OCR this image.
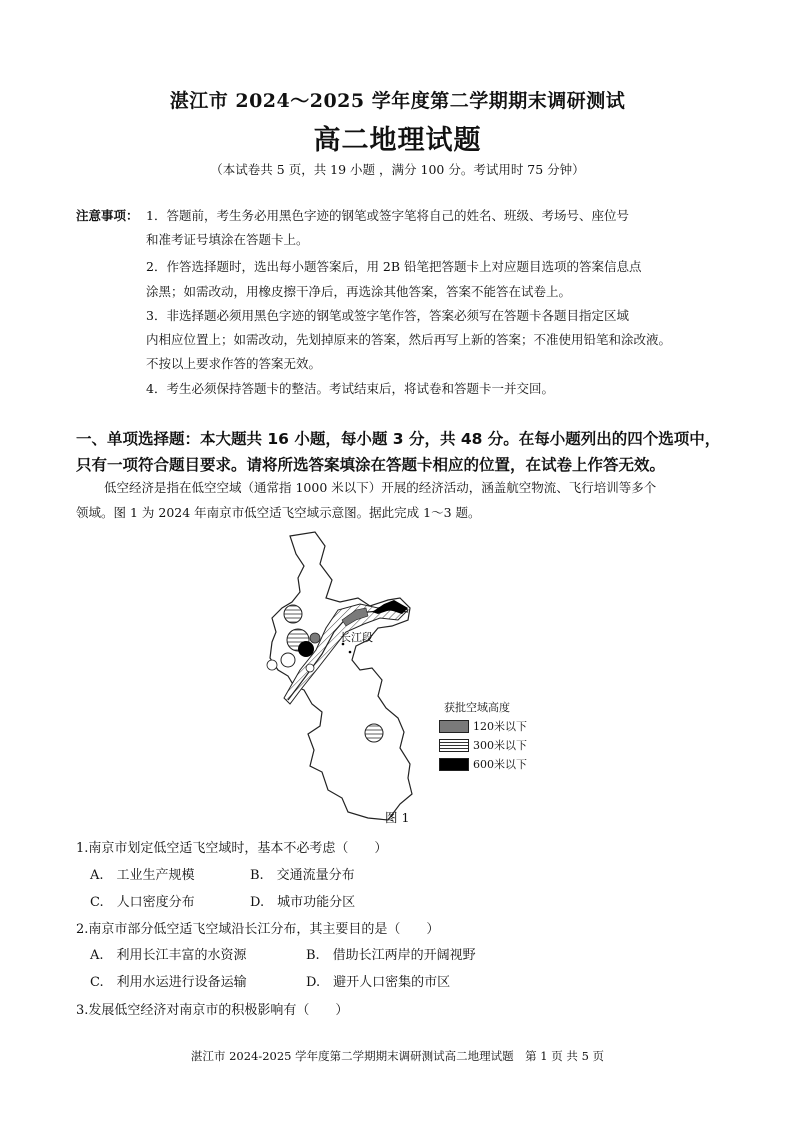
湛江市 2024～2025 学年度第二学期期末调研测试
高二地理试题
（本试卷共 5 页，共 19 小题 ，满分 100 分。考试用时 75 分钟）
注意事项： 1．答题前，考生务必用黑色字迹的钢笔或签字笔将自己的姓名、班级、考场号、座位号
和准考证号填涂在答题卡上。
2．作答选择题时，选出每小题答案后，用 2B 铅笔把答题卡上对应题目选项的答案信息点
涂黑；如需改动，用橡皮擦干净后，再选涂其他答案，答案不能答在试卷上。
3．非选择题必须用黑色字迹的钢笔或签字笔作答，答案必须写在答题卡各题目指定区域
内相应位置上；如需改动，先划掉原来的答案，然后再写上新的答案；不准使用铅笔和涂改液。
不按以上要求作答的答案无效。
4．考生必须保持答题卡的整洁。考试结束后，将试卷和答题卡一并交回。
一、单项选择题：本大题共 16 小题，每小题 3 分，共 48 分。在每小题列出的四个选项中，
只有一项符合题目要求。请将所选答案填涂在答题卡相应的位置，在试卷上作答无效。
低空经济是指在低空空域（通常指 1000 米以下）开展的经济活动，涵盖航空物流、飞行培训等多个
领域。图 1 为 2024 年南京市低空适飞空域示意图。据此完成 1～3 题。
长江段
获批空域高度
120米以下
300米以下
600米以下
图 1
1.南京市划定低空适飞空域时，基本不必考虑（　　）
A.　工业生产规模	B.　交通流量分布
C.　人口密度分布	D.　城市功能分区
2.南京市部分低空适飞空域沿长江分布，其主要目的是（　　）
A.　利用长江丰富的水资源	B.　借助长江两岸的开阔视野
C.　利用水运进行设备运输	D.　避开人口密集的市区
3.发展低空经济对南京市的积极影响有（　　）
湛江市 2024-2025 学年度第二学期期末调研测试高二地理试题　第 1 页 共 5 页
